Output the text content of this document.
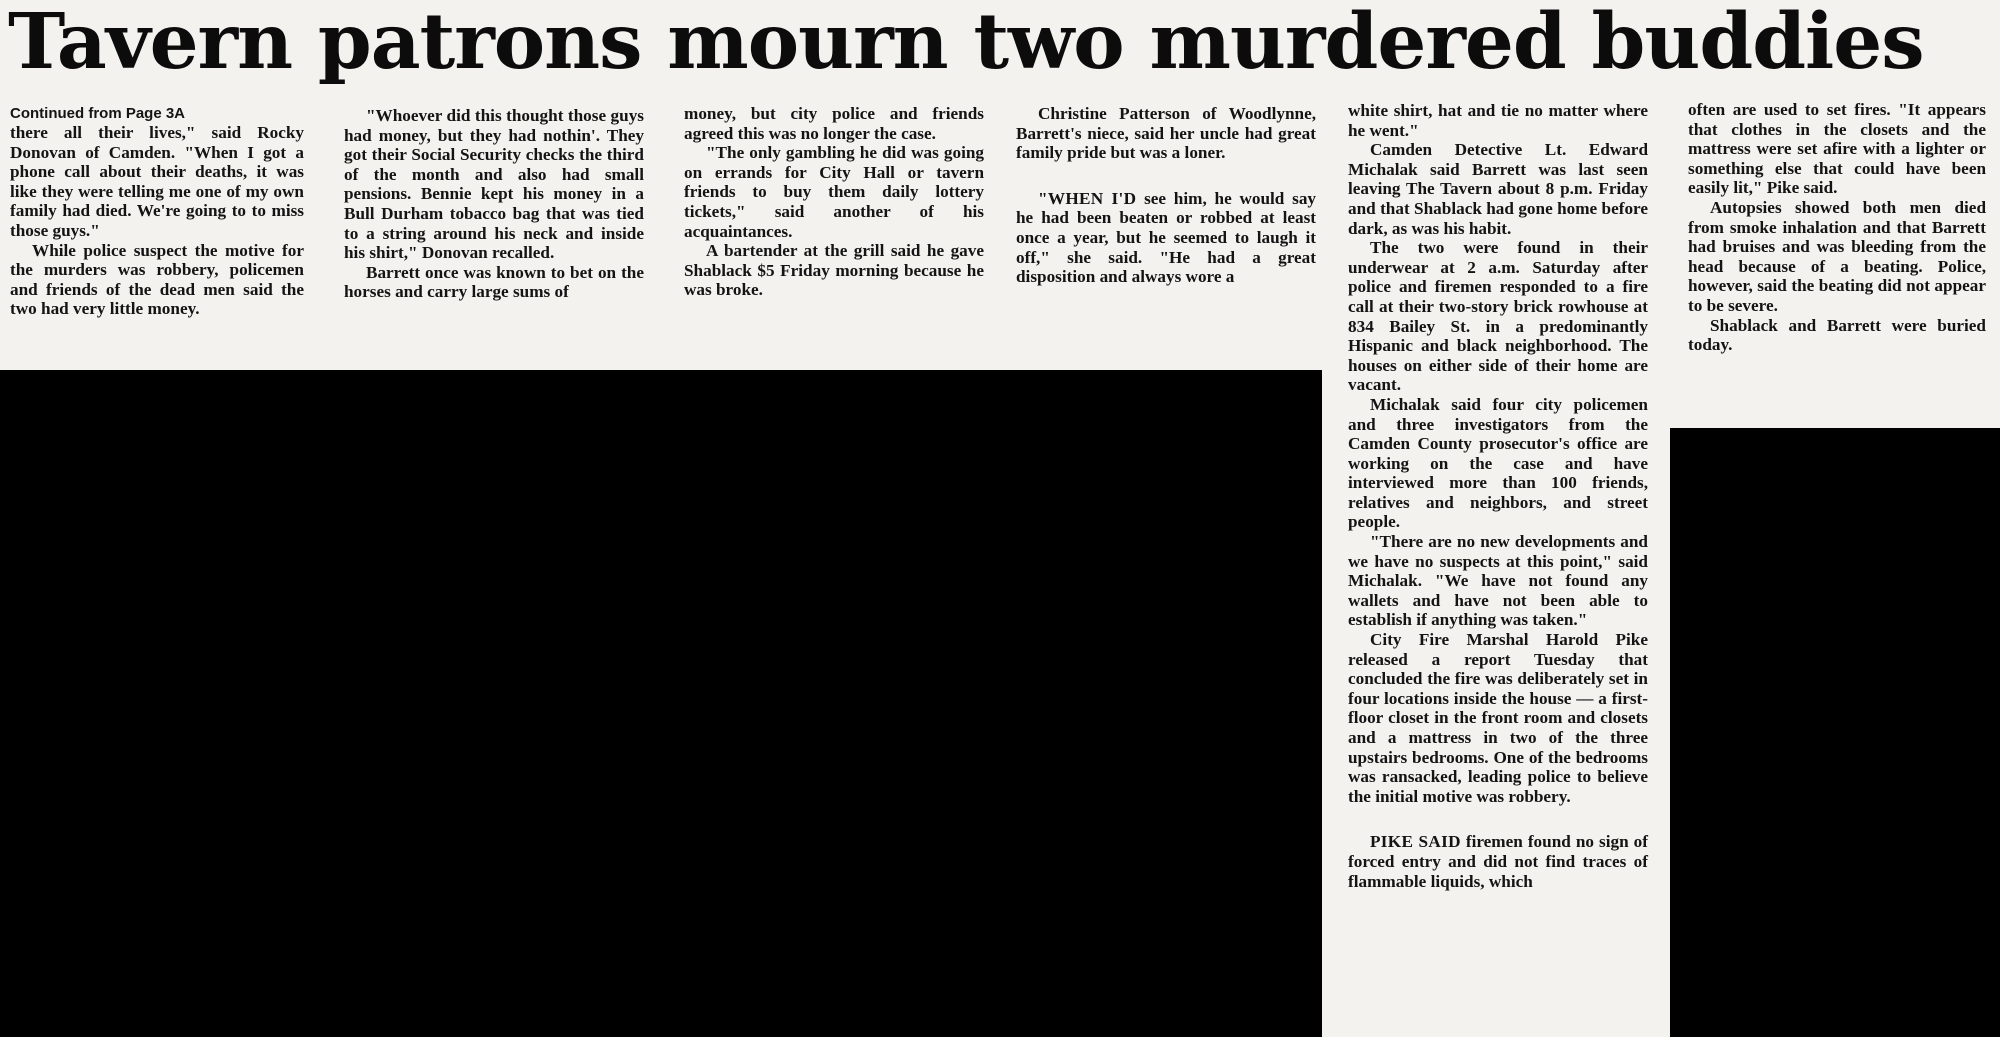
Tavern patrons mourn two murdered buddies
Continued from Page 3A

there all their lives," said Rocky Donovan of Camden. "When I got a phone call about their deaths, it was like they were telling me one of my own family had died. We're going to to miss those guys."

While police suspect the motive for the murders was robbery, policemen and friends of the dead men said the two had very little money.

"Whoever did this thought those guys had money, but they had nothin'. They got their Social Security checks the third of the month and also had small pensions. Bennie kept his money in a Bull Durham tobacco bag that was tied to a string around his neck and inside his shirt," Donovan recalled.

Barrett once was known to bet on the horses and carry large sums of

money, but city police and friends agreed this was no longer the case.

"The only gambling he did was going on errands for City Hall or tavern friends to buy them daily lottery tickets," said another of his acquaintances.

A bartender at the grill said he gave Shablack $5 Friday morning because he was broke.

Christine Patterson of Woodlynne, Barrett's niece, said her uncle had great family pride but was a loner.

"WHEN I'D see him, he would say he had been beaten or robbed at least once a year, but he seemed to laugh it off," she said. "He had a great disposition and always wore a

white shirt, hat and tie no matter where he went."

Camden Detective Lt. Edward Michalak said Barrett was last seen leaving The Tavern about 8 p.m. Friday and that Shablack had gone home before dark, as was his habit.

The two were found in their underwear at 2 a.m. Saturday after police and firemen responded to a fire call at their two-story brick rowhouse at 834 Bailey St. in a predominantly Hispanic and black neighborhood. The houses on either side of their home are vacant.

Michalak said four city policemen and three investigators from the Camden County prosecutor's office are working on the case and have interviewed more than 100 friends, relatives and neighbors, and street people.

"There are no new developments and we have no suspects at this point," said Michalak. "We have not found any wallets and have not been able to establish if anything was taken."

City Fire Marshal Harold Pike released a report Tuesday that concluded the fire was deliberately set in four locations inside the house — a first-floor closet in the front room and closets and a mattress in two of the three upstairs bedrooms. One of the bedrooms was ransacked, leading police to believe the initial motive was robbery.

PIKE SAID firemen found no sign of forced entry and did not find traces of flammable liquids, which

often are used to set fires. "It appears that clothes in the closets and the mattress were set afire with a lighter or something else that could have been easily lit," Pike said.

Autopsies showed both men died from smoke inhalation and that Barrett had bruises and was bleeding from the head because of a beating. Police, however, said the beating did not appear to be severe.

Shablack and Barrett were buried today.
